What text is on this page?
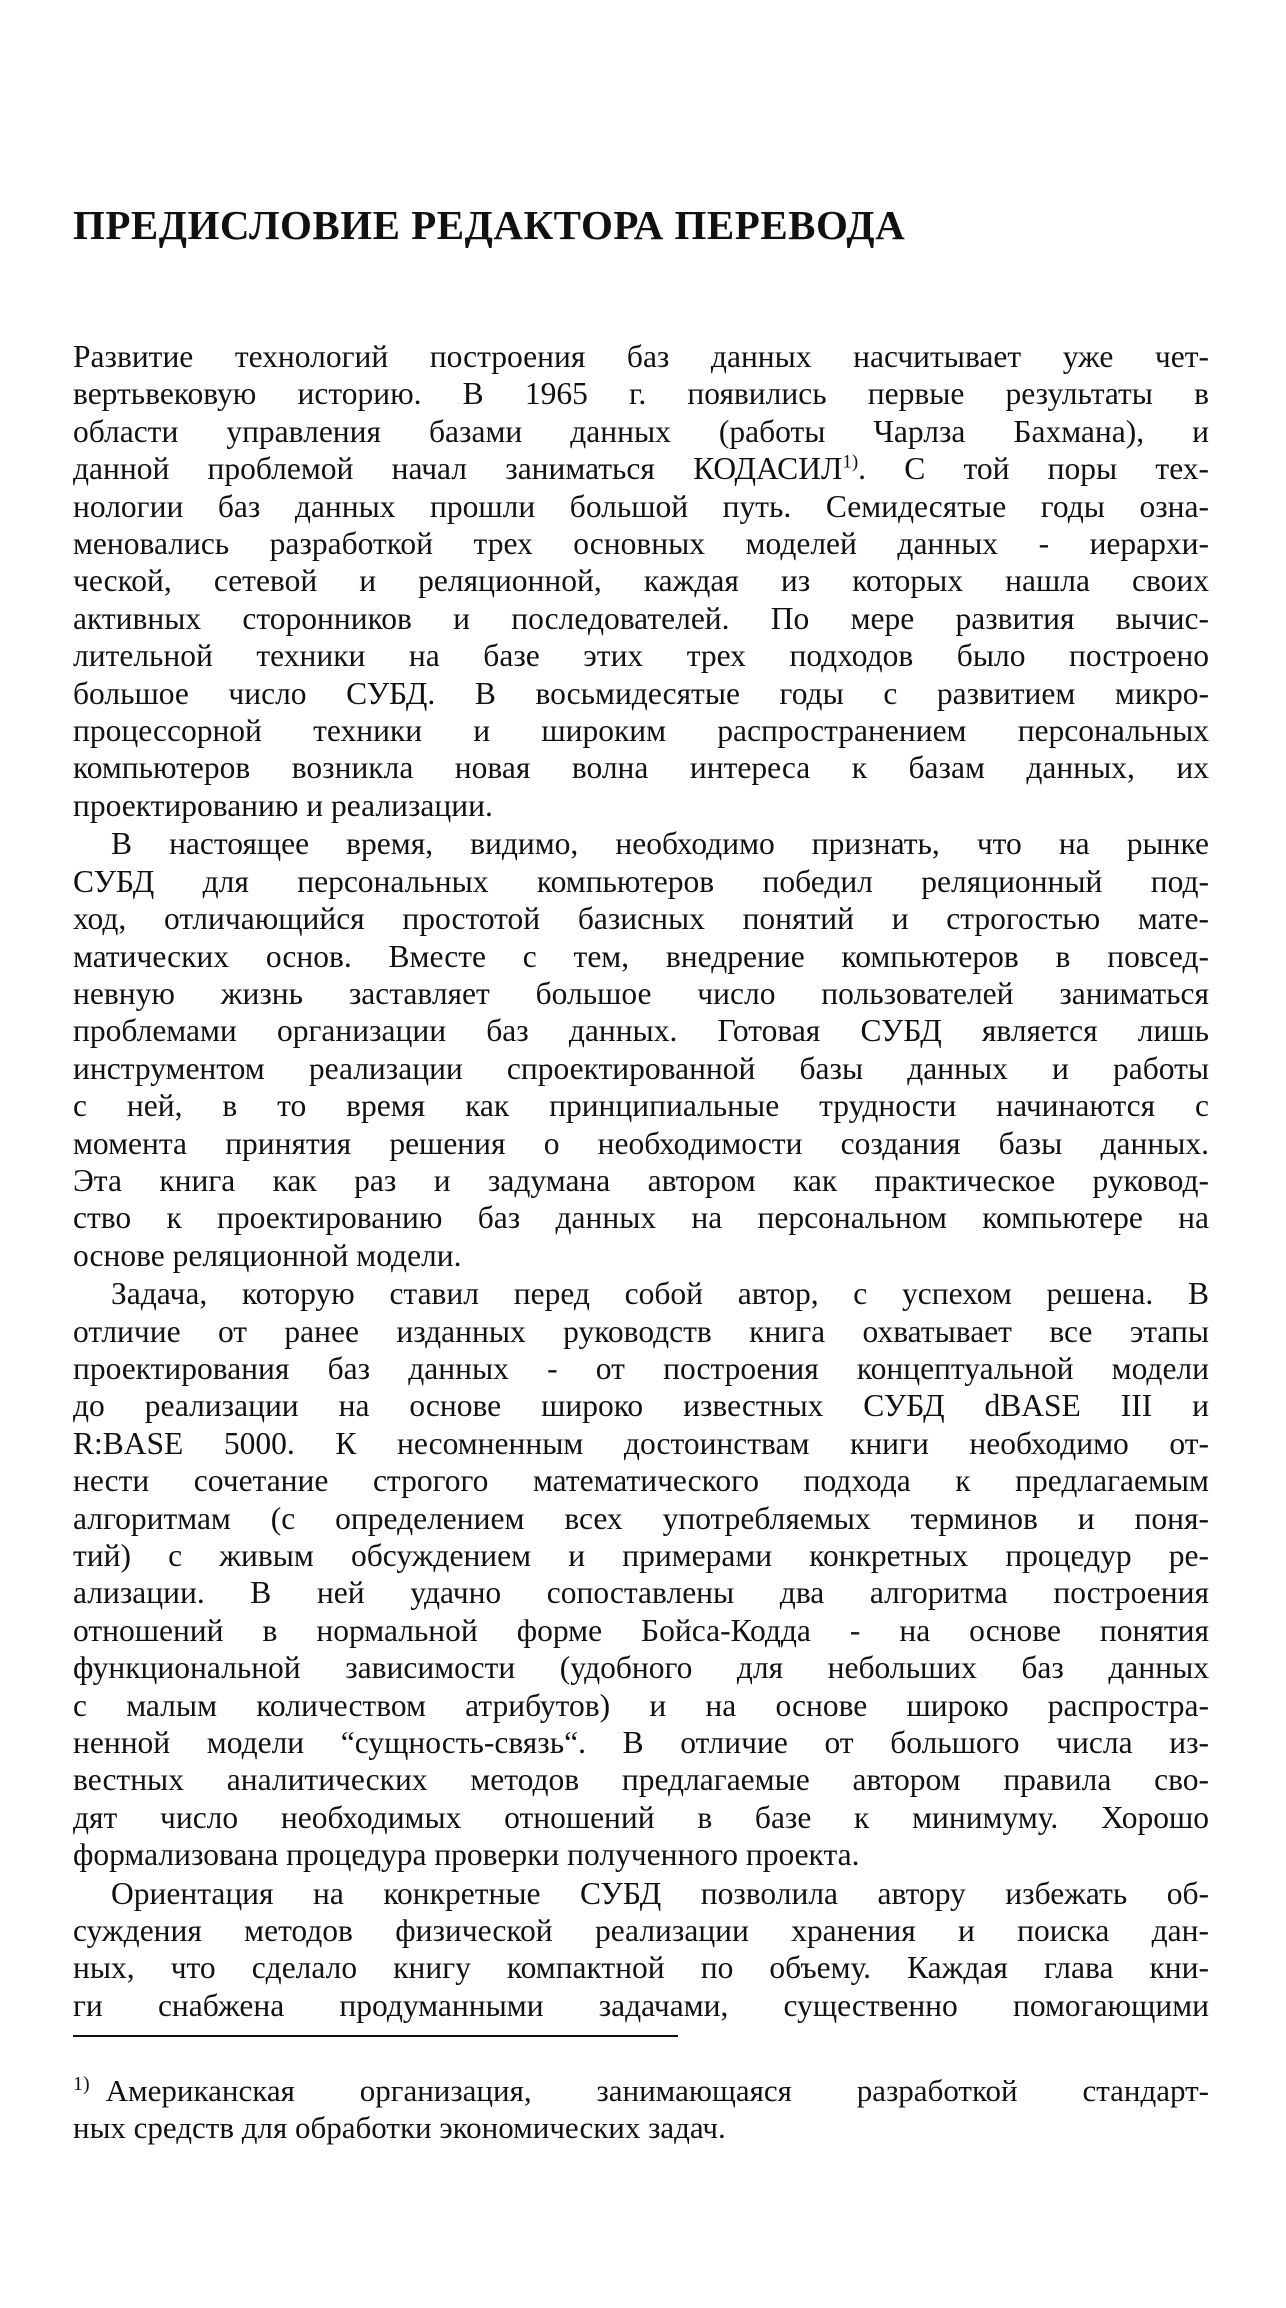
ПРЕДИСЛОВИЕ РЕДАКТОРА ПЕРЕВОДА

Развитие технологий построения баз данных насчитывает уже чет-

вертьвековую историю. В 1965 г. появились первые результаты в

области управления базами данных (работы Чарлза Бахмана), и

данной проблемой начал заниматься КОДАСИЛ$^{1)}$. С той поры тех-

нологии баз данных прошли большой путь. Семидесятые годы озна-

меновались разработкой трех основных моделей данных - иерархи-

ческой, сетевой и реляционной, каждая из которых нашла своих

активных сторонников и последователей. По мере развития вычис-

лительной техники на базе этих трех подходов было построено

большое число СУБД. В восьмидесятые годы с развитием микро-

процессорной техники и широким распространением персональных

компьютеров возникла новая волна интереса к базам данных, их

проектированию и реализации.

В настоящее время, видимо, необходимо признать, что на рынке

СУБД для персональных компьютеров победил реляционный под-

ход, отличающийся простотой базисных понятий и строгостью мате-

матических основ. Вместе с тем, внедрение компьютеров в повсед-

невную жизнь заставляет большое число пользователей заниматься

проблемами организации баз данных. Готовая СУБД является лишь

инструментом реализации спроектированной базы данных и работы

с ней, в то время как принципиальные трудности начинаются с

момента принятия решения о необходимости создания базы данных.

Эта книга как раз и задумана автором как практическое руковод-

ство к проектированию баз данных на персональном компьютере на

основе реляционной модели.

Задача, которую ставил перед собой автор, с успехом решена. В

отличие от ранее изданных руководств книга охватывает все этапы

проектирования баз данных - от построения концептуальной модели

до реализации на основе широко известных СУБД dBASE III и

R:BASE 5000. К несомненным достоинствам книги необходимо от-

нести сочетание строгого математического подхода к предлагаемым

алгоритмам (с определением всех употребляемых терминов и поня-

тий) с живым обсуждением и примерами конкретных процедур ре-

ализации. В ней удачно сопоставлены два алгоритма построения

отношений в нормальной форме Бойса-Кодда - на основе понятия

функциональной зависимости (удобного для небольших баз данных

с малым количеством атрибутов) и на основе широко распростра-

ненной модели “сущность-связь“. В отличие от большого числа из-

вестных аналитических методов предлагаемые автором правила сво-

дят число необходимых отношений в базе к минимуму. Хорошо

формализована процедура проверки полученного проекта.

Ориентация на конкретные СУБД позволила автору избежать об-

суждения методов физической реализации хранения и поиска дан-

ных, что сделало книгу компактной по объему. Каждая глава кни-

ги снабжена продуманными задачами, существенно помогающими

$^{1)}$ Американская организация, занимающаяся разработкой стандарт-

ных средств для обработки экономических задач.
